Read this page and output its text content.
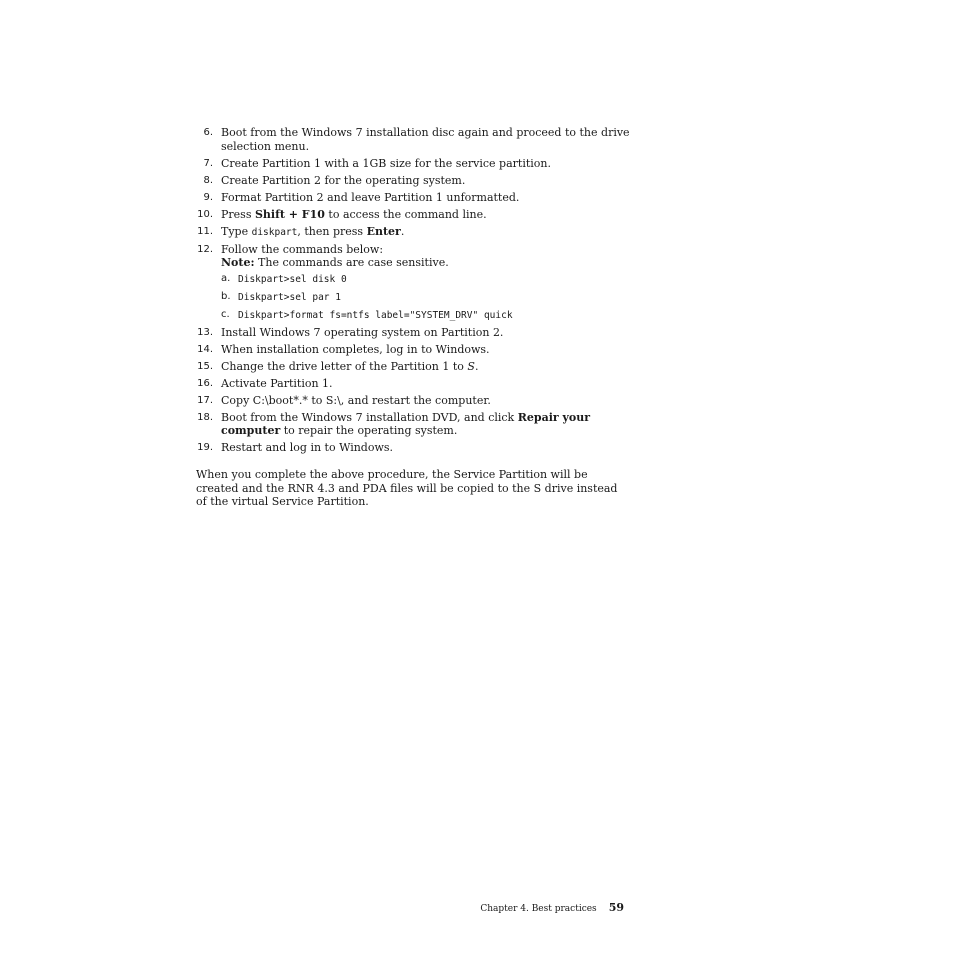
6. Boot from the Windows 7 installation disc again and proceed to the drive selection menu.
7. Create Partition 1 with a 1GB size for the service partition.
8. Create Partition 2 for the operating system.
9. Format Partition 2 and leave Partition 1 unformatted.
10. Press Shift + F10 to access the command line.
11. Type diskpart, then press Enter.
12. Follow the commands below:
Note: The commands are case sensitive.
a. Diskpart>sel disk 0
b. Diskpart>sel par 1
c. Diskpart>format fs=ntfs label="SYSTEM_DRV" quick
13. Install Windows 7 operating system on Partition 2.
14. When installation completes, log in to Windows.
15. Change the drive letter of the Partition 1 to S.
16. Activate Partition 1.
17. Copy C:\boot*.* to S:\, and restart the computer.
18. Boot from the Windows 7 installation DVD, and click Repair your computer to repair the operating system.
19. Restart and log in to Windows.

When you complete the above procedure, the Service Partition will be created and the RNR 4.3 and PDA files will be copied to the S drive instead of the virtual Service Partition.

Chapter 4. Best practices 59
